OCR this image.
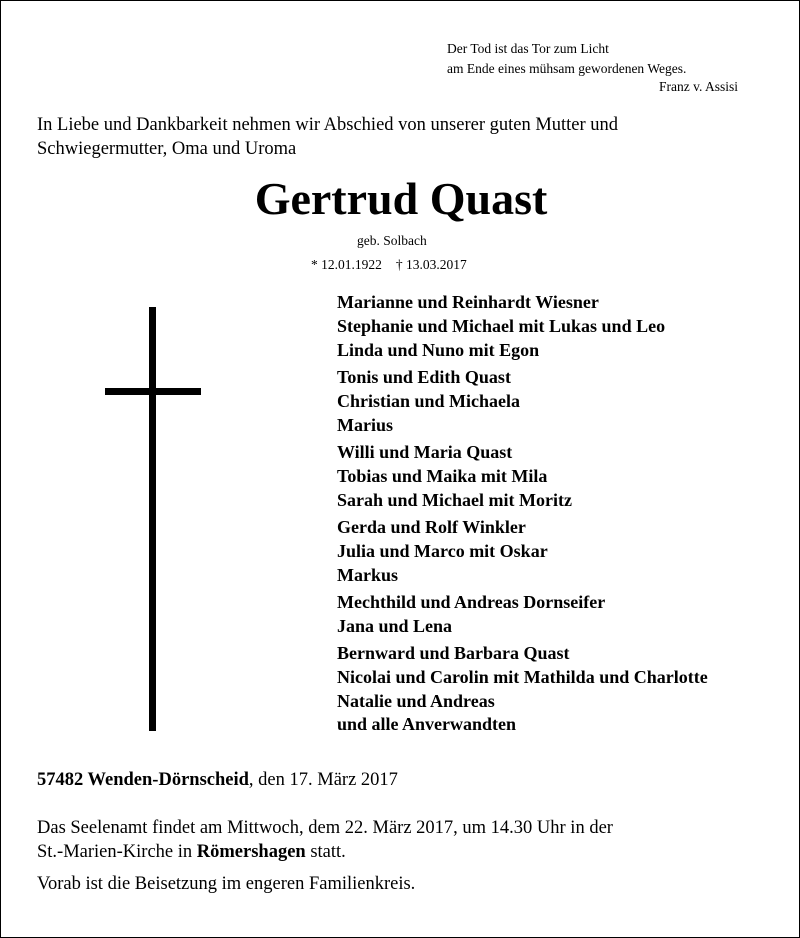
Der Tod ist das Tor zum Licht
am Ende eines mühsam gewordenen Weges.
Franz v. Assisi
In Liebe und Dankbarkeit nehmen wir Abschied von unserer guten Mutter und
Schwiegermutter, Oma und Uroma
Gertrud Quast
geb. Solbach
* 12.01.1922 † 13.03.2017
Marianne und Reinhardt Wiesner
Stephanie und Michael mit Lukas und Leo
Linda und Nuno mit Egon
Tonis und Edith Quast
Christian und Michaela
Marius
Willi und Maria Quast
Tobias und Maika mit Mila
Sarah und Michael mit Moritz
Gerda und Rolf Winkler
Julia und Marco mit Oskar
Markus
Mechthild und Andreas Dornseifer
Jana und Lena
Bernward und Barbara Quast
Nicolai und Carolin mit Mathilda und Charlotte
Natalie und Andreas
und alle Anverwandten
57482 Wenden-Dörnscheid, den 17. März 2017
Das Seelenamt findet am Mittwoch, dem 22. März 2017, um 14.30 Uhr in der
St.-Marien-Kirche in Römershagen statt.
Vorab ist die Beisetzung im engeren Familienkreis.
